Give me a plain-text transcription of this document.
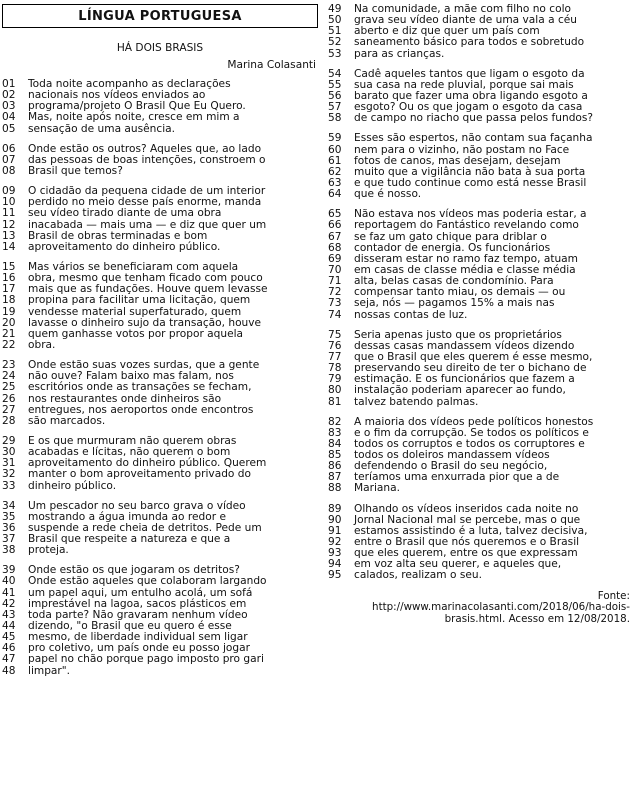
LÍNGUA PORTUGUESA
HÁ DOIS BRASIS
Marina Colasanti
01	Toda noite acompanho as declarações
02	nacionais nos vídeos enviados ao
03	programa/projeto O Brasil Que Eu Quero.
04	Mas, noite após noite, cresce em mim a
05	sensação de uma ausência.
06	Onde estão os outros? Aqueles que, ao lado
07	das pessoas de boas intenções, constroem o
08	Brasil que temos?
09	O cidadão da pequena cidade de um interior
10	perdido no meio desse país enorme, manda
11	seu vídeo tirado diante de uma obra
12	inacabada — mais uma — e diz que quer um
13	Brasil de obras terminadas e bom
14	aproveitamento do dinheiro público.
15	Mas vários se beneficiaram com aquela
16	obra, mesmo que tenham ficado com pouco
17	mais que as fundações. Houve quem levasse
18	propina para facilitar uma licitação, quem
19	vendesse material superfaturado, quem
20	lavasse o dinheiro sujo da transação, houve
21	quem ganhasse votos por propor aquela
22	obra.
23	Onde estão suas vozes surdas, que a gente
24	não ouve? Falam baixo mas falam, nos
25	escritórios onde as transações se fecham,
26	nos restaurantes onde dinheiros são
27	entregues, nos aeroportos onde encontros
28	são marcados.
29	E os que murmuram não querem obras
30	acabadas e lícitas, não querem o bom
31	aproveitamento do dinheiro público. Querem
32	manter o bom aproveitamento privado do
33	dinheiro público.
34	Um pescador no seu barco grava o vídeo
35	mostrando a água imunda ao redor e
36	suspende a rede cheia de detritos. Pede um
37	Brasil que respeite a natureza e que a
38	proteja.
39	Onde estão os que jogaram os detritos?
40	Onde estão aqueles que colaboram largando
41	um papel aqui, um entulho acolá, um sofá
42	imprestável na lagoa, sacos plásticos em
43	toda parte? Não gravaram nenhum vídeo
44	dizendo, "o Brasil que eu quero é esse
45	mesmo, de liberdade individual sem ligar
46	pro coletivo, um país onde eu posso jogar
47	papel no chão porque pago imposto pro gari
48	limpar".
49	Na comunidade, a mãe com filho no colo
50	grava seu vídeo diante de uma vala a céu
51	aberto e diz que quer um país com
52	saneamento básico para todos e sobretudo
53	para as crianças.
54	Cadê aqueles tantos que ligam o esgoto da
55	sua casa na rede pluvial, porque sai mais
56	barato que fazer uma obra ligando esgoto a
57	esgoto? Ou os que jogam o esgoto da casa
58	de campo no riacho que passa pelos fundos?
59	Esses são espertos, não contam sua façanha
60	nem para o vizinho, não postam no Face
61	fotos de canos, mas desejam, desejam
62	muito que a vigilância não bata à sua porta
63	e que tudo continue como está nesse Brasil
64	que é nosso.
65	Não estava nos vídeos mas poderia estar, a
66	reportagem do Fantástico revelando como
67	se faz um gato chique para driblar o
68	contador de energia. Os funcionários
69	disseram estar no ramo faz tempo, atuam
70	em casas de classe média e classe média
71	alta, belas casas de condomínio. Para
72	compensar tanto miau, os demais — ou
73	seja, nós — pagamos 15% a mais nas
74	nossas contas de luz.
75	Seria apenas justo que os proprietários
76	dessas casas mandassem vídeos dizendo
77	que o Brasil que eles querem é esse mesmo,
78	preservando seu direito de ter o bichano de
79	estimação. E os funcionários que fazem a
80	instalação poderiam aparecer ao fundo,
81	talvez batendo palmas.
82	A maioria dos vídeos pede políticos honestos
83	e o fim da corrupção. Se todos os políticos e
84	todos os corruptos e todos os corruptores e
85	todos os doleiros mandassem vídeos
86	defendendo o Brasil do seu negócio,
87	teríamos uma enxurrada pior que a de
88	Mariana.
89	Olhando os vídeos inseridos cada noite no
90	Jornal Nacional mal se percebe, mas o que
91	estamos assistindo é a luta, talvez decisiva,
92	entre o Brasil que nós queremos e o Brasil
93	que eles querem, entre os que expressam
94	em voz alta seu querer, e aqueles que,
95	calados, realizam o seu.
Fonte:
http://www.marinacolasanti.com/2018/06/ha-dois-
brasis.html. Acesso em 12/08/2018.
